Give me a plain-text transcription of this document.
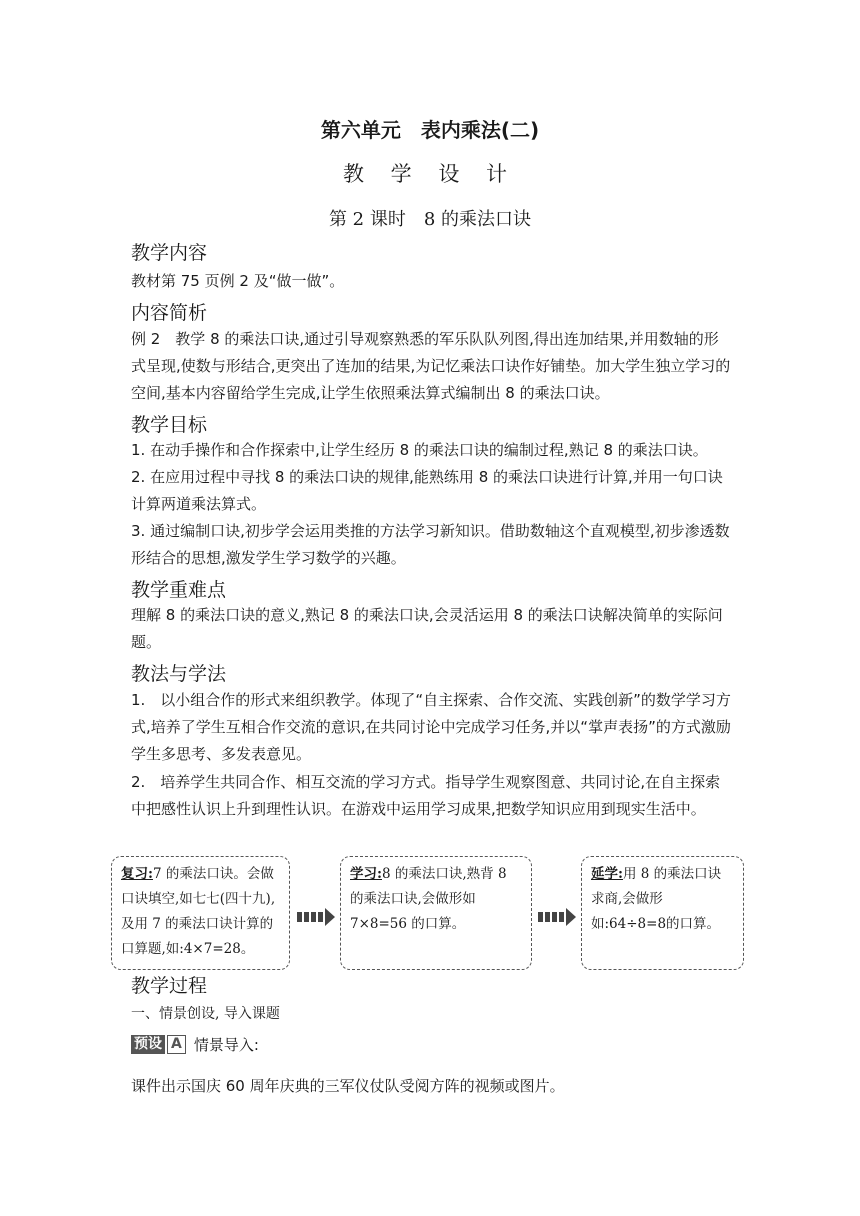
第六单元　表内乘法(二)
教 学 设 计
第 2 课时　8 的乘法口诀
教学内容
教材第 75 页例 2 及“做一做”。
内容简析
例 2　教学 8 的乘法口诀,通过引导观察熟悉的军乐队队列图,得出连加结果,并用数轴的形式呈现,使数与形结合,更突出了连加的结果,为记忆乘法口诀作好铺垫。加大学生独立学习的空间,基本内容留给学生完成,让学生依照乘法算式编制出 8 的乘法口诀。
教学目标
1. 在动手操作和合作探索中,让学生经历 8 的乘法口诀的编制过程,熟记 8 的乘法口诀。
2. 在应用过程中寻找 8 的乘法口诀的规律,能熟练用 8 的乘法口诀进行计算,并用一句口诀计算两道乘法算式。
3. 通过编制口诀,初步学会运用类推的方法学习新知识。借助数轴这个直观模型,初步渗透数形结合的思想,激发学生学习数学的兴趣。
教学重难点
理解 8 的乘法口诀的意义,熟记 8 的乘法口诀,会灵活运用 8 的乘法口诀解决简单的实际问题。
教法与学法
1.　以小组合作的形式来组织教学。体现了“自主探索、合作交流、实践创新”的数学学习方式,培养了学生互相合作交流的意识,在共同讨论中完成学习任务,并以“掌声表扬”的方式激励学生多思考、多发表意见。
2.　培养学生共同合作、相互交流的学习方式。指导学生观察图意、共同讨论,在自主探索中把感性认识上升到理性认识。在游戏中运用学习成果,把数学知识应用到现实生活中。
复习:7 的乘法口诀。会做口诀填空,如七七(四十九),及用 7 的乘法口诀计算的口算题,如:4×7=28。
学习:8 的乘法口诀,熟背 8 的乘法口诀,会做形如 7×8=56 的口算。
延学:用 8 的乘法口诀求商,会做形如:64÷8=8的口算。
教学过程
一、情景创设, 导入课题
预设 A 情景导入:
课件出示国庆 60 周年庆典的三军仪仗队受阅方阵的视频或图片。
